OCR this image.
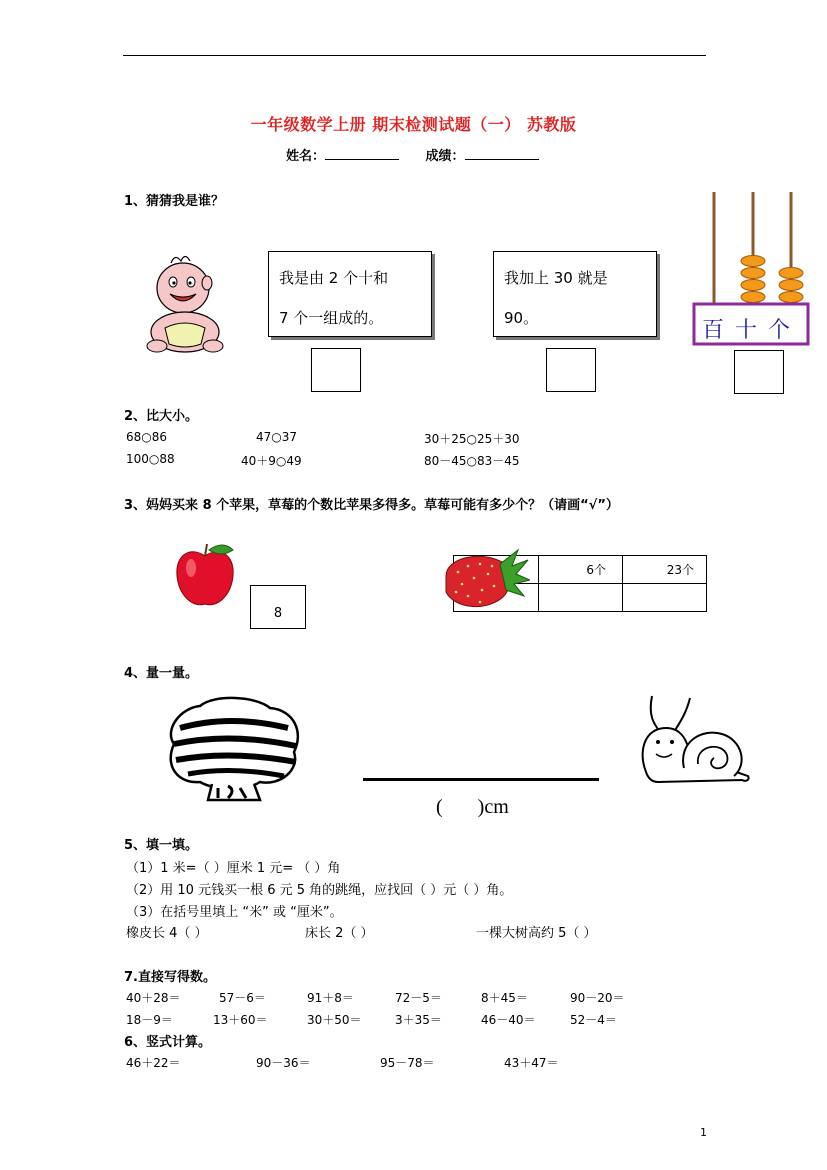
一年级数学上册 期末检测试题（一） 苏教版
姓名：	成绩：
1、猜猜我是谁？
我是由 2 个十和
7 个一组成的。
我加上 30 就是
90。	百 十 个
2、比大小。
68○86	47○37	30＋25○25＋30
100○88	40＋9○49	80－45○83－45
3、妈妈买来 8 个苹果，草莓的个数比苹果多得多。草莓可能有多少个？（请画“√”）
8
	6个	23个

4、量一量。
(       )cm
5、填一填。
（1）1 米=（ ）厘米 1 元= （ ）角
（2）用 10 元钱买一根 6 元 5 角的跳绳，应找回（ ）元（ ）角。
（3）在括号里填上 “米” 或 “厘米”。
橡皮长 4（ ）	床长 2（ ）	一棵大树高约 5（ ）
7.直接写得数。
40＋28＝	57－6＝	91＋8＝	72－5＝	8＋45＝	90－20＝
18－9＝	13＋60＝	30＋50＝	3＋35＝	46－40＝	52－4＝
6、竖式计算。
46＋22＝	90－36＝	95－78＝	43＋47＝
1
